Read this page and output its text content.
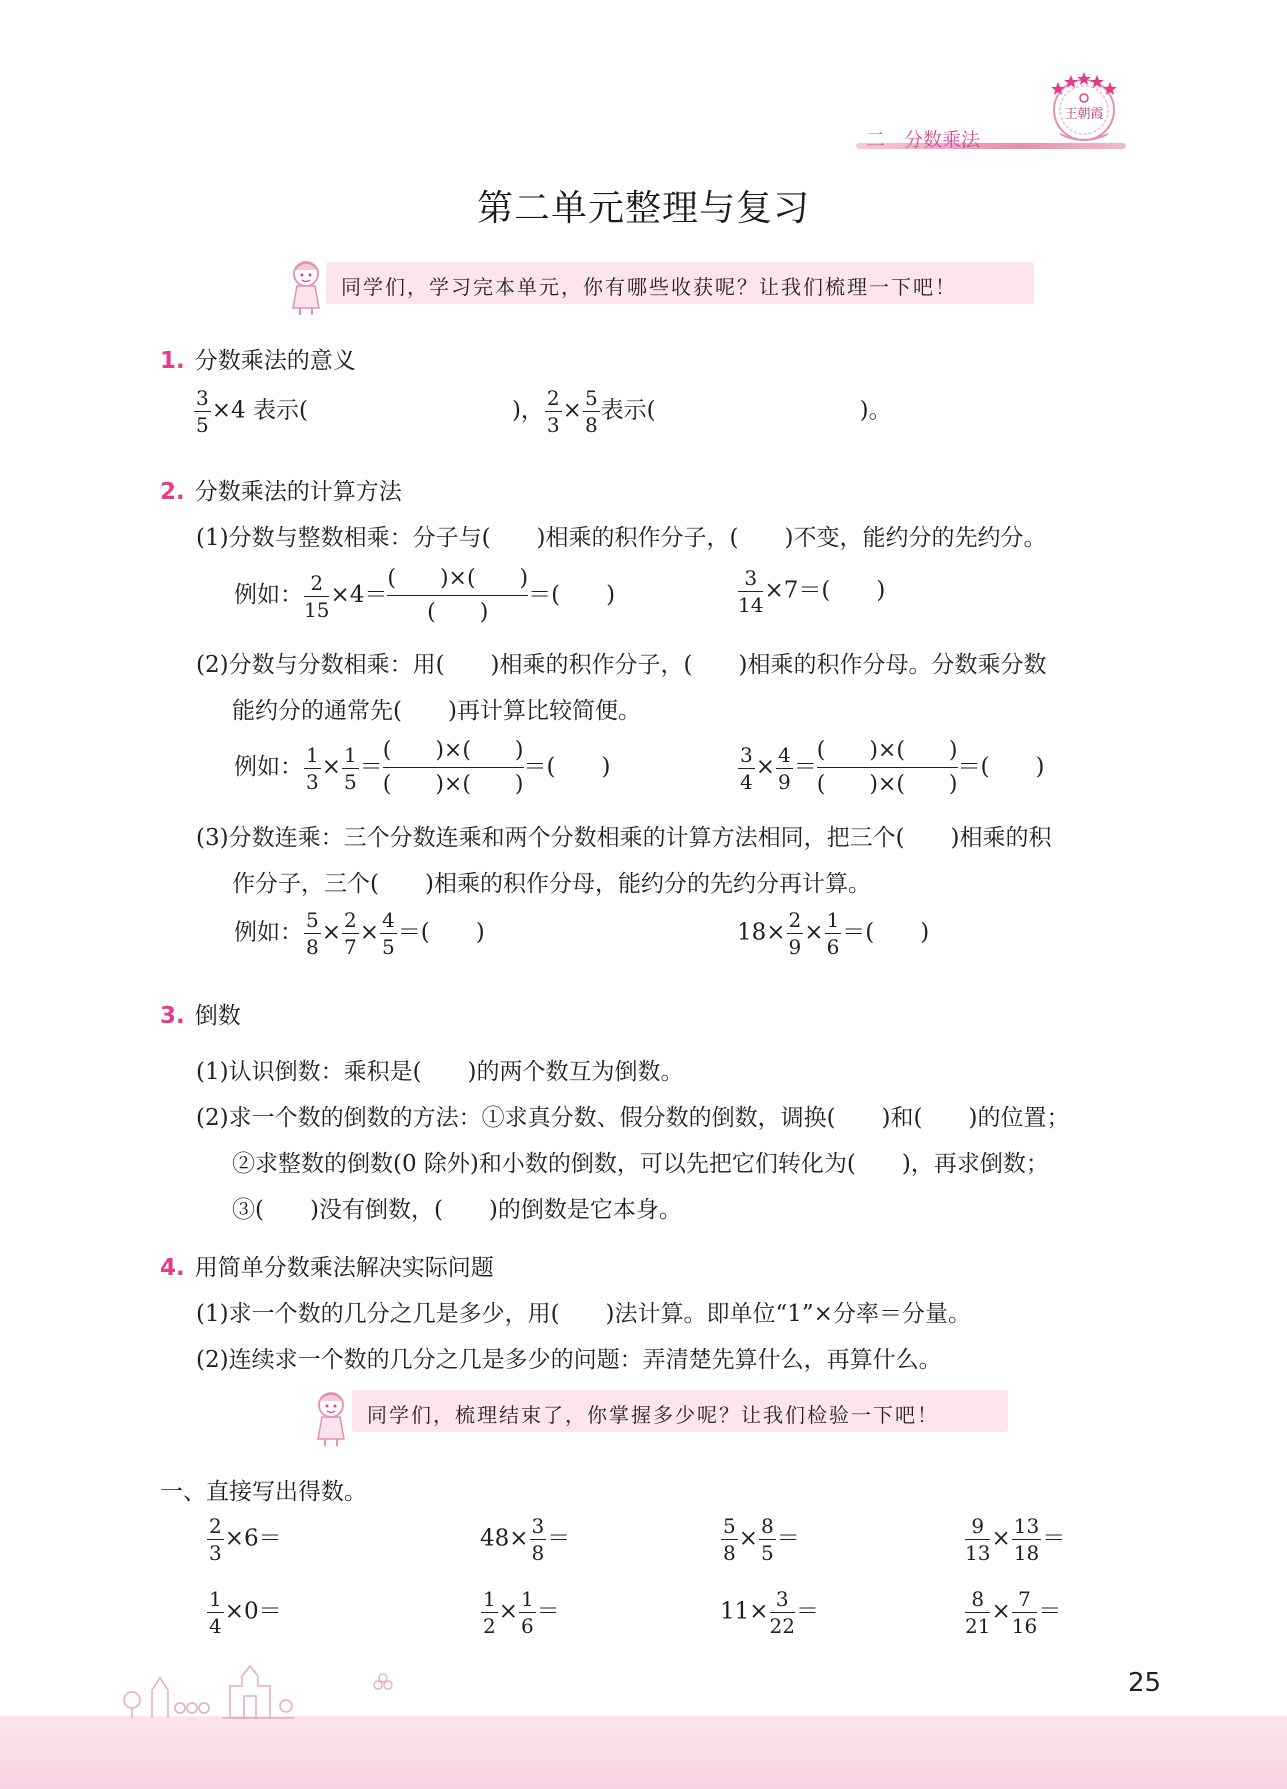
二　分数乘法
王朝霞
第二单元整理与复习
同学们，学习完本单元，你有哪些收获呢？让我们梳理一下吧！
1. 分数乘法的意义
$\frac{3}{5} \times 4$ 表示(	)， $\frac{2}{3} \times \frac{5}{8}$ 表示(	)。
2. 分数乘法的计算方法
(1)分数与整数相乘：分子与(　　)相乘的积作分子，(　　)不变，能约分的先约分。
例如： $\frac{2}{15} \times 4=$
(　　)×(　　)
(　　)
＝(　　)	$\frac{3}{14} \times 7=$(　　)
(2)分数与分数相乘：用(　　)相乘的积作分子，(　　)相乘的积作分母。分数乘分数
能约分的通常先(　　)再计算比较简便。
例如： $\frac{1}{3} \times \frac{1}{5}$ ＝
(　　)×(　　)
(　　)×(　　)
＝(　　)	$\frac{3}{4} \times \frac{4}{9}$ ＝
(　　)×(　　)
(　　)×(　　)
＝(　　)
(3)分数连乘：三个分数连乘和两个分数相乘的计算方法相同，把三个(　　)相乘的积
作分子，三个(　　)相乘的积作分母，能约分的先约分再计算。
例如： $\frac{5}{8} \times \frac{2}{7} \times \frac{4}{5}$ ＝(　　)	$18\times \frac{2}{9} \times \frac{1}{6}$ ＝(　　)
3. 倒数
(1)认识倒数：乘积是(　　)的两个数互为倒数。
(2)求一个数的倒数的方法：①求真分数、假分数的倒数，调换(　　)和(　　)的位置；
②求整数的倒数(0 除外)和小数的倒数，可以先把它们转化为(　　)，再求倒数；
③(　　)没有倒数，(　　)的倒数是它本身。
4. 用简单分数乘法解决实际问题
(1)求一个数的几分之几是多少，用(　　)法计算。即单位“1”×分率＝分量。
(2)连续求一个数的几分之几是多少的问题：弄清楚先算什么，再算什么。
同学们，梳理结束了，你掌握多少呢？让我们检验一下吧！
一、直接写出得数。
$\frac{2}{3} \times 6=$	$48\times \frac{3}{8}$ ＝	$\frac{5}{8} \times \frac{8}{5}$ ＝	$\frac{9}{13} \times \frac{13}{18}$ ＝
$\frac{1}{4} \times 0=$	$\frac{1}{2} \times \frac{1}{6}$ ＝	$11\times \frac{3}{22}$ ＝	$\frac{8}{21} \times \frac{7}{16}$ ＝
25
